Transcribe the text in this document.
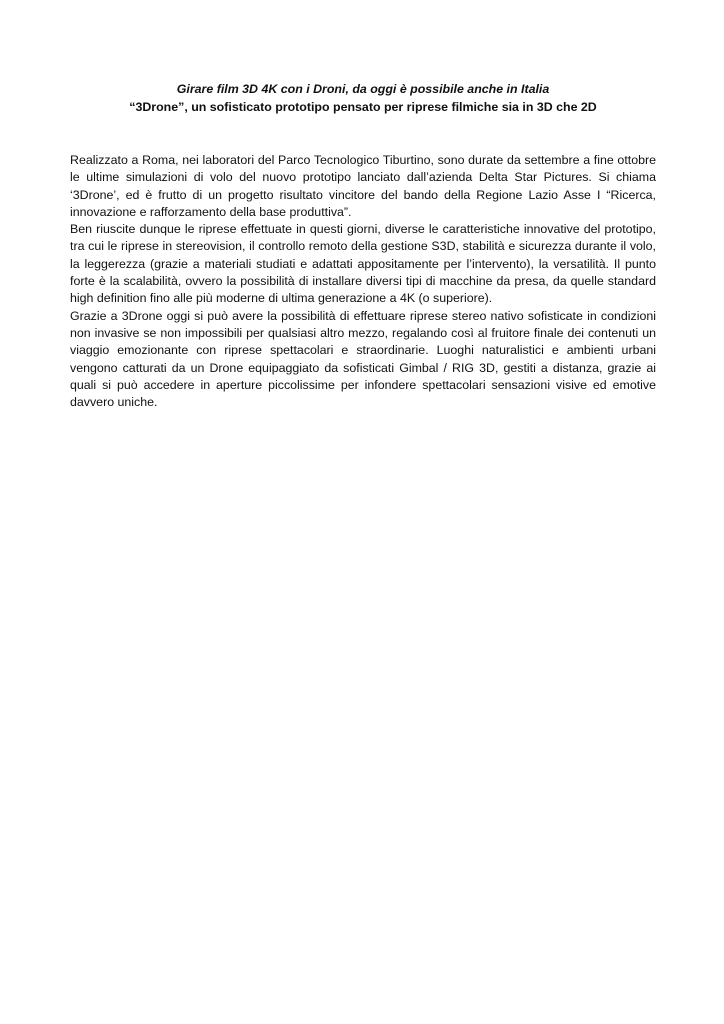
Girare film 3D 4K con i Droni, da oggi è possibile anche in Italia

“3Drone”, un sofisticato prototipo pensato per riprese filmiche sia in 3D che 2D

Realizzato a Roma, nei laboratori del Parco Tecnologico Tiburtino, sono durate da settembre a fine ottobre le ultime simulazioni di volo del nuovo prototipo lanciato dall’azienda Delta Star Pictures. Si chiama ‘3Drone’, ed è frutto di un progetto risultato vincitore del bando della Regione Lazio Asse I “Ricerca, innovazione e rafforzamento della base produttiva”.

Ben riuscite dunque le riprese effettuate in questi giorni, diverse le caratteristiche innovative del prototipo, tra cui le riprese in stereovision, il controllo remoto della gestione S3D, stabilità e sicurezza durante il volo, la leggerezza (grazie a materiali studiati e adattati appositamente per l’intervento), la versatilità. Il punto forte è la scalabilità, ovvero la possibilità di installare diversi tipi di macchine da presa, da quelle standard high definition fino alle più moderne di ultima generazione a 4K (o superiore).

Grazie a 3Drone oggi si può avere la possibilità di effettuare riprese stereo nativo sofisticate in condizioni non invasive se non impossibili per qualsiasi altro mezzo, regalando così al fruitore finale dei contenuti un viaggio emozionante con riprese spettacolari e straordinarie. Luoghi naturalistici e ambienti urbani vengono catturati da un Drone equipaggiato da sofisticati Gimbal / RIG 3D, gestiti a distanza, grazie ai quali si può accedere in aperture piccolissime per infondere spettacolari sensazioni visive ed emotive davvero uniche.
